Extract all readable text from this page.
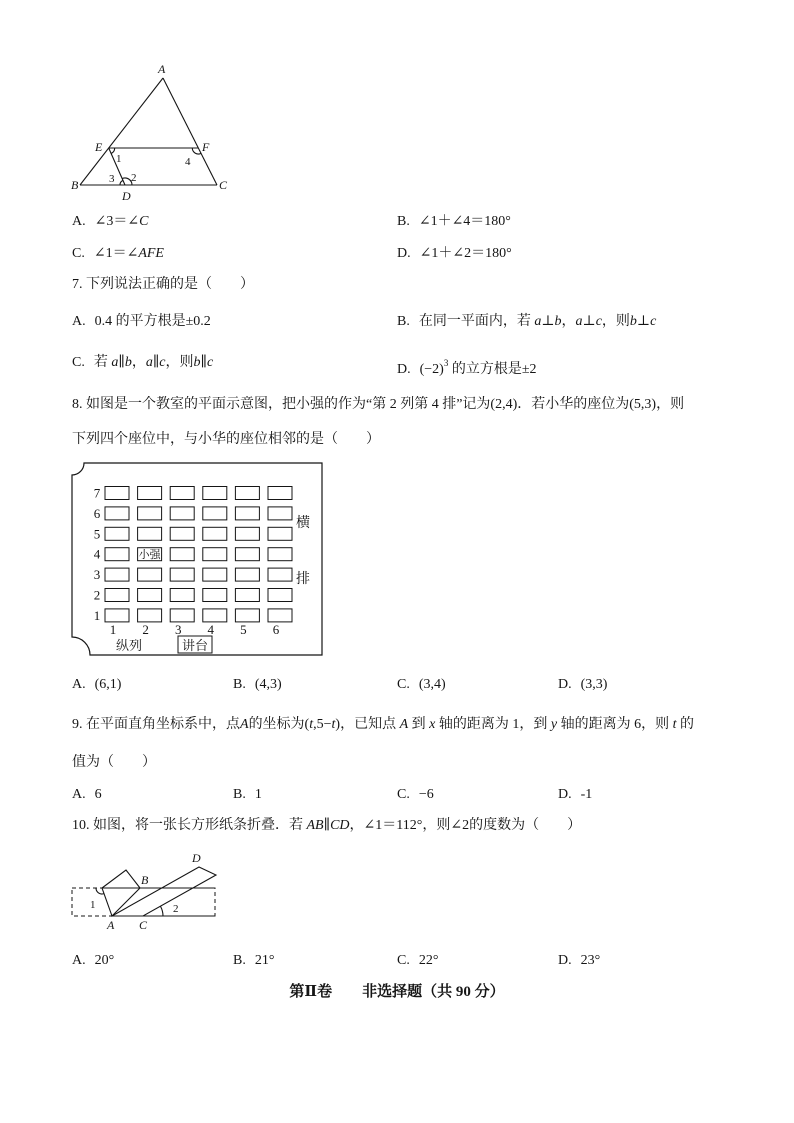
A
E	F
B	C
D
1	4
3 2
A. ∠3＝∠C	B. ∠1＋∠4＝180°
C. ∠1＝∠AFE	D. ∠1＋∠2＝180°
7. 下列说法正确的是（　　）
A. 0.4 的平方根是±0.2	B. 在同一平面内，若 a⊥b，a⊥c，则b⊥c
C. 若 a∥b，a∥c，则b∥c	D. $(-2)^3$ 的立方根是±2
8. 如图是一个教室的平面示意图，把小强的作为“第 2 列第 4 排”记为(2,4)．若小华的座位为(5,3)，则
下列四个座位中，与小华的座位相邻的是（　　）
7
6
5
4
3
2
1
1 2 3 4 5 6
小强
纵列	讲台
横
排
A. (6,1)	B. (4,3)	C. (3,4)	D. (3,3)
9. 在平面直角坐标系中，点A的坐标为(t,5−t)，已知点 A 到 x 轴的距离为 1，到 y 轴的距离为 6，则 t 的
值为（　　）
A. 6	B. 1	C. −6	D. -1
10. 如图，将一张长方形纸条折叠．若 AB∥CD，∠1＝112°，则∠2的度数为（　　）
A C
B
D
1	2
A. 20°	B. 21°	C. 22°	D. 23°
第Ⅱ卷　　非选择题（共 90 分）
